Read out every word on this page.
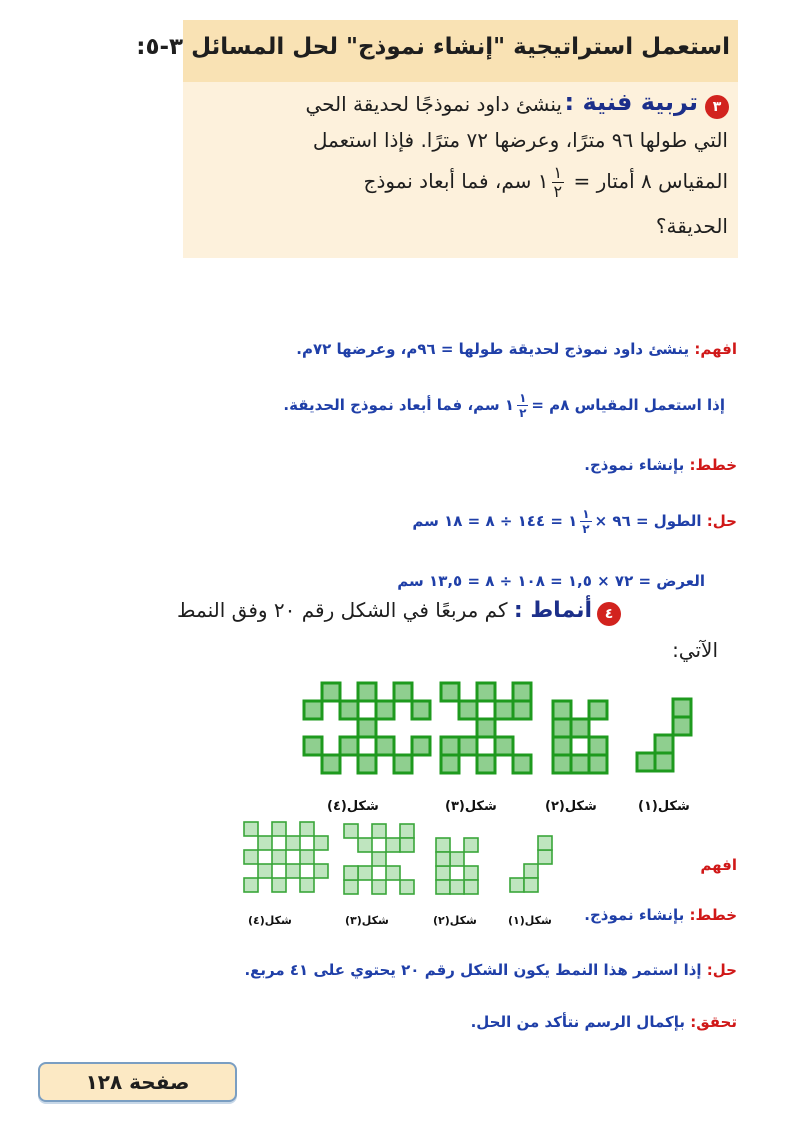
استعمل استراتيجية "إنشاء نموذج" لحل المسائل ٣-٥:
٣
تربية فنية :
ينشئ داود نموذجًا لحديقة الحي
التي طولها ٩٦ مترًا، وعرضها ٧٢ مترًا. فإذا استعمل
المقياس ٨ أمتار =
$\frac{١}{٢}$
١ سم، فما أبعاد نموذج
الحديقة؟
افهم: ينشئ داود نموذج لحديقة طولها = ٩٦م، وعرضها ٧٢م.
إذا استعمل المقياس ٨م =
$\frac{١}{٢}$
١ سم، فما أبعاد نموذج الحديقة.
خطط: بإنشاء نموذج.
حل: الطول = ٩٦ ×
$\frac{١}{٢}$
١ = ١٤٤ ÷ ٨ = ١٨ سم
العرض = ٧٢ × ١,٥ = ١٠٨ ÷ ٨ = ١٣,٥ سم
٤
أنماط : كم مربعًا في الشكل رقم ٢٠ وفق النمط
الآتي:
شكل(١)
شكل(٢)
شكل(٣)
شكل(٤)
شكل(١)
شكل(٢)
شكل(٣)
شكل(٤)
افهم
خطط: بإنشاء نموذج.
حل: إذا استمر هذا النمط يكون الشكل رقم ٢٠ يحتوي على ٤١ مربع.
تحقق: بإكمال الرسم نتأكد من الحل.
صفحة ١٢٨
